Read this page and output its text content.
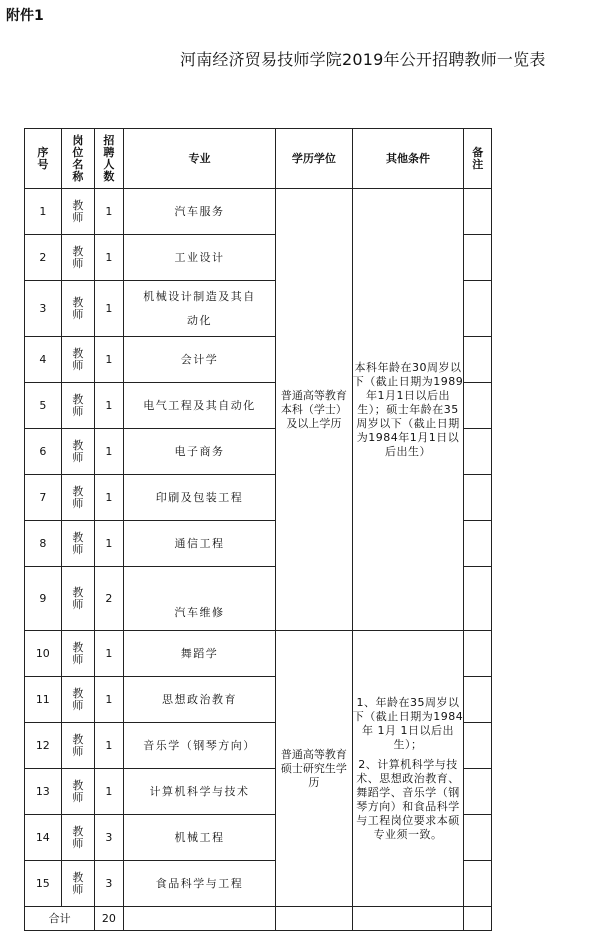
附件1
河南经济贸易技师学院2019年公开招聘教师一览表
序号	岗位名称	招聘人数	专业	学历学位	其他条件	备注

1	教师	1	汽车服务	普通高等教育本科（学士）及以上学历	本科年龄在30周岁以下（截止日期为1989年1月1日以后出生）；硕士年龄在35周岁以下（截止日期为1984年1月1日以后出生）	
2	教师	1	工业设计			
3	教师	1	机械设计制造及其自动化			
4	教师	1	会计学			
5	教师	1	电气工程及其自动化			
6	教师	1	电子商务			
7	教师	1	印刷及包装工程			
8	教师	1	通信工程			
9	教师	2	汽车维修			
10	教师	1	舞蹈学	普通高等教育硕士研究生学历	1、年龄在35周岁以下（截止日期为1984年 1月 1日以后出生）；

2、计算机科学与技术、思想政治教育、舞蹈学、音乐学（钢琴方向）和食品科学与工程岗位要求本硕专业须一致。	

11	教师	1	思想政治教育			
12	教师	1	音乐学（钢琴方向）			
13	教师	1	计算机科学与技术			
14	教师	3	机械工程			
15	教师	3	食品科学与工程			
合计		20				
